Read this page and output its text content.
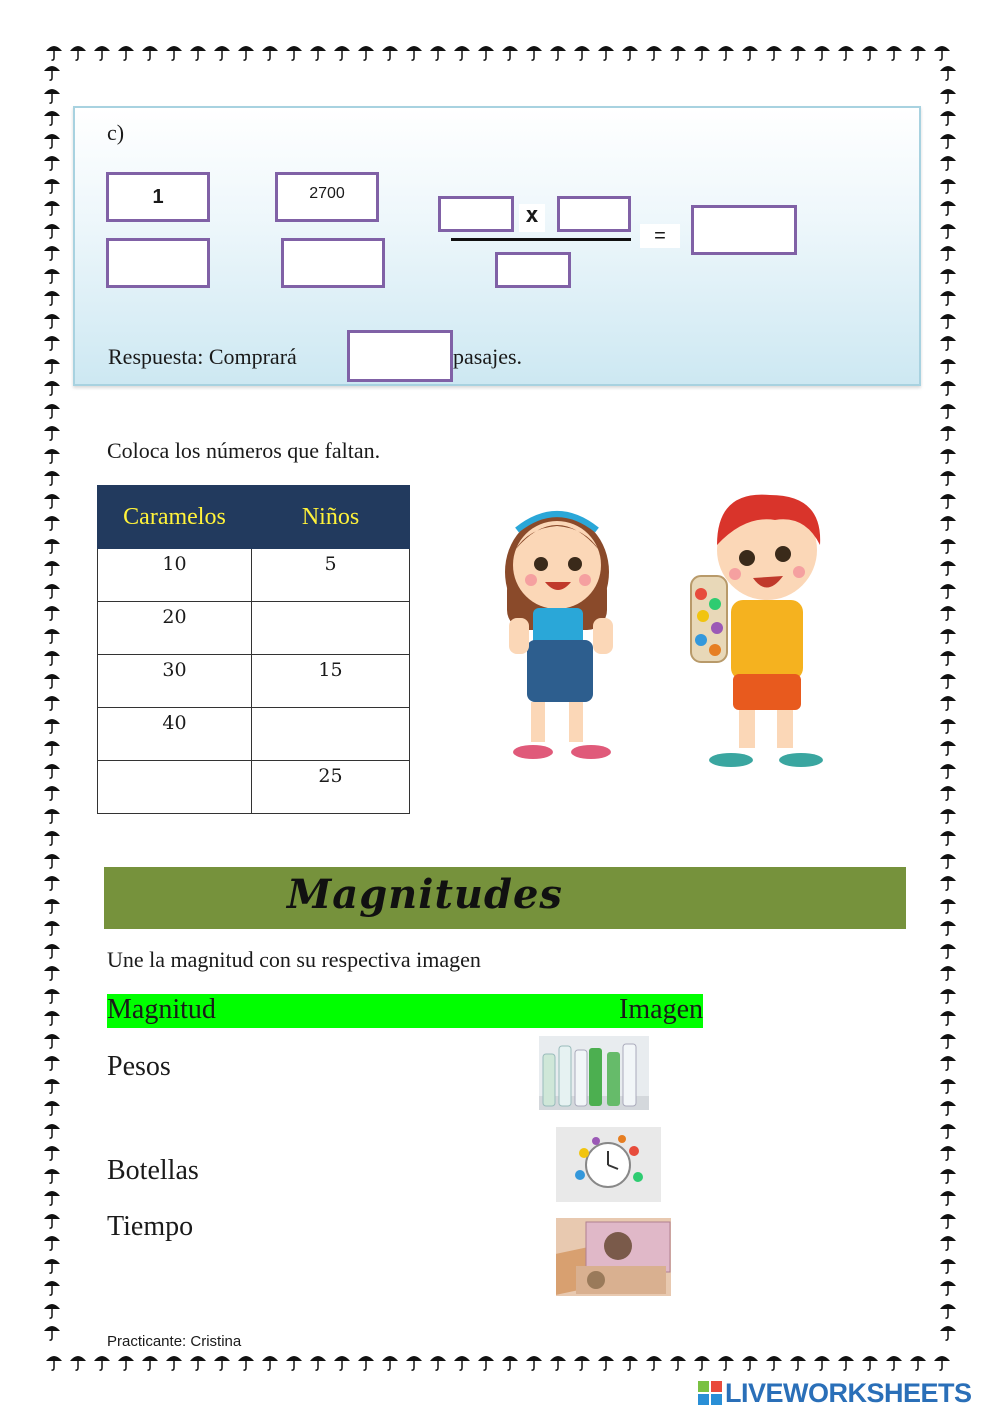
c)
1	2700
x
=
Respuesta: Comprará	pasajes.
Coloca los números que faltan.
Caramelos	Niños
10	5
20	
30	15
40	
	25
Magnitudes
Une la magnitud con su respectiva imagen
Magnitud	Imagen
Pesos
Botellas
Tiempo
Practicante: Cristina
LIVEWORKSHEETS
